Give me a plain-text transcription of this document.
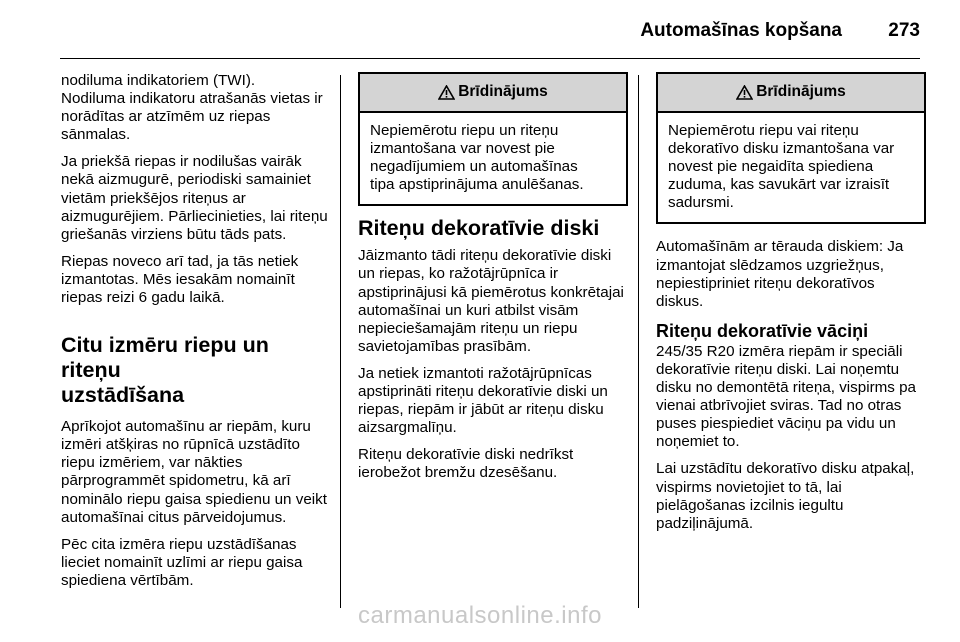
Automašīnas kopšana 273

nodiluma indikatoriem (TWI).
Nodiluma indikatoru atrašanās vietas ir norādītas ar atzīmēm uz riepas sānmalas.

Ja priekšā riepas ir nodilušas vairāk nekā aizmugurē, periodiski samainiet vietām priekšējos riteņus ar aizmugurējiem. Pārliecinieties, lai riteņu griešanās virziens būtu tāds pats.

Riepas noveco arī tad, ja tās netiek izmantotas. Mēs iesakām nomainīt riepas reizi 6 gadu laikā.

Citu izmēru riepu un riteņu
uzstādīšana

Aprīkojot automašīnu ar riepām, kuru izmēri atšķiras no rūpnīcā uzstādīto riepu izmēriem, var nākties pārprogrammēt spidometru, kā arī nominālo riepu gaisa spiedienu un veikt automašīnai citus pārveidojumus.

Pēc cita izmēra riepu uzstādīšanas lieciet nomainīt uzlīmi ar riepu gaisa spiediena vērtībām.

Brīdinājums
Nepiemērotu riepu un riteņu
izmantošana var novest pie
negadījumiem un automašīnas
tipa apstiprinājuma anulēšanas.
Riteņu dekoratīvie diski

Jāizmanto tādi riteņu dekoratīvie diski un riepas, ko ražotājrūpnīca ir apstiprinājusi kā piemērotus konkrētajai automašīnai un kuri atbilst visām nepieciešamajām riteņu un riepu savietojamības prasībām.

Ja netiek izmantoti ražotājrūpnīcas apstiprināti riteņu dekoratīvie diski un riepas, riepām ir jābūt ar riteņu disku aizsargmalīņu.

Riteņu dekoratīvie diski nedrīkst ierobežot bremžu dzesēšanu.

Brīdinājums
Nepiemērotu riepu vai riteņu
dekoratīvo disku izmantošana var
novest pie negaidīta spiediena
zuduma, kas savukārt var izraisīt
sadursmi.

Automašīnām ar tērauda diskiem: Ja izmantojat slēdzamos uzgriežņus, nepiestipriniet riteņu dekoratīvos diskus.

Riteņu dekoratīvie vāciņi

245/35 R20 izmēra riepām ir speciāli dekoratīvie riteņu diski. Lai noņemtu disku no demontētā riteņa, vispirms pa vienai atbrīvojiet sviras. Tad no otras puses piespiediet vāciņu pa vidu un noņemiet to.

Lai uzstādītu dekoratīvo disku atpakaļ, vispirms novietojiet to tā, lai pielāgošanas izcilnis iegultu padziļinājumā.

carmanualsonline.info
